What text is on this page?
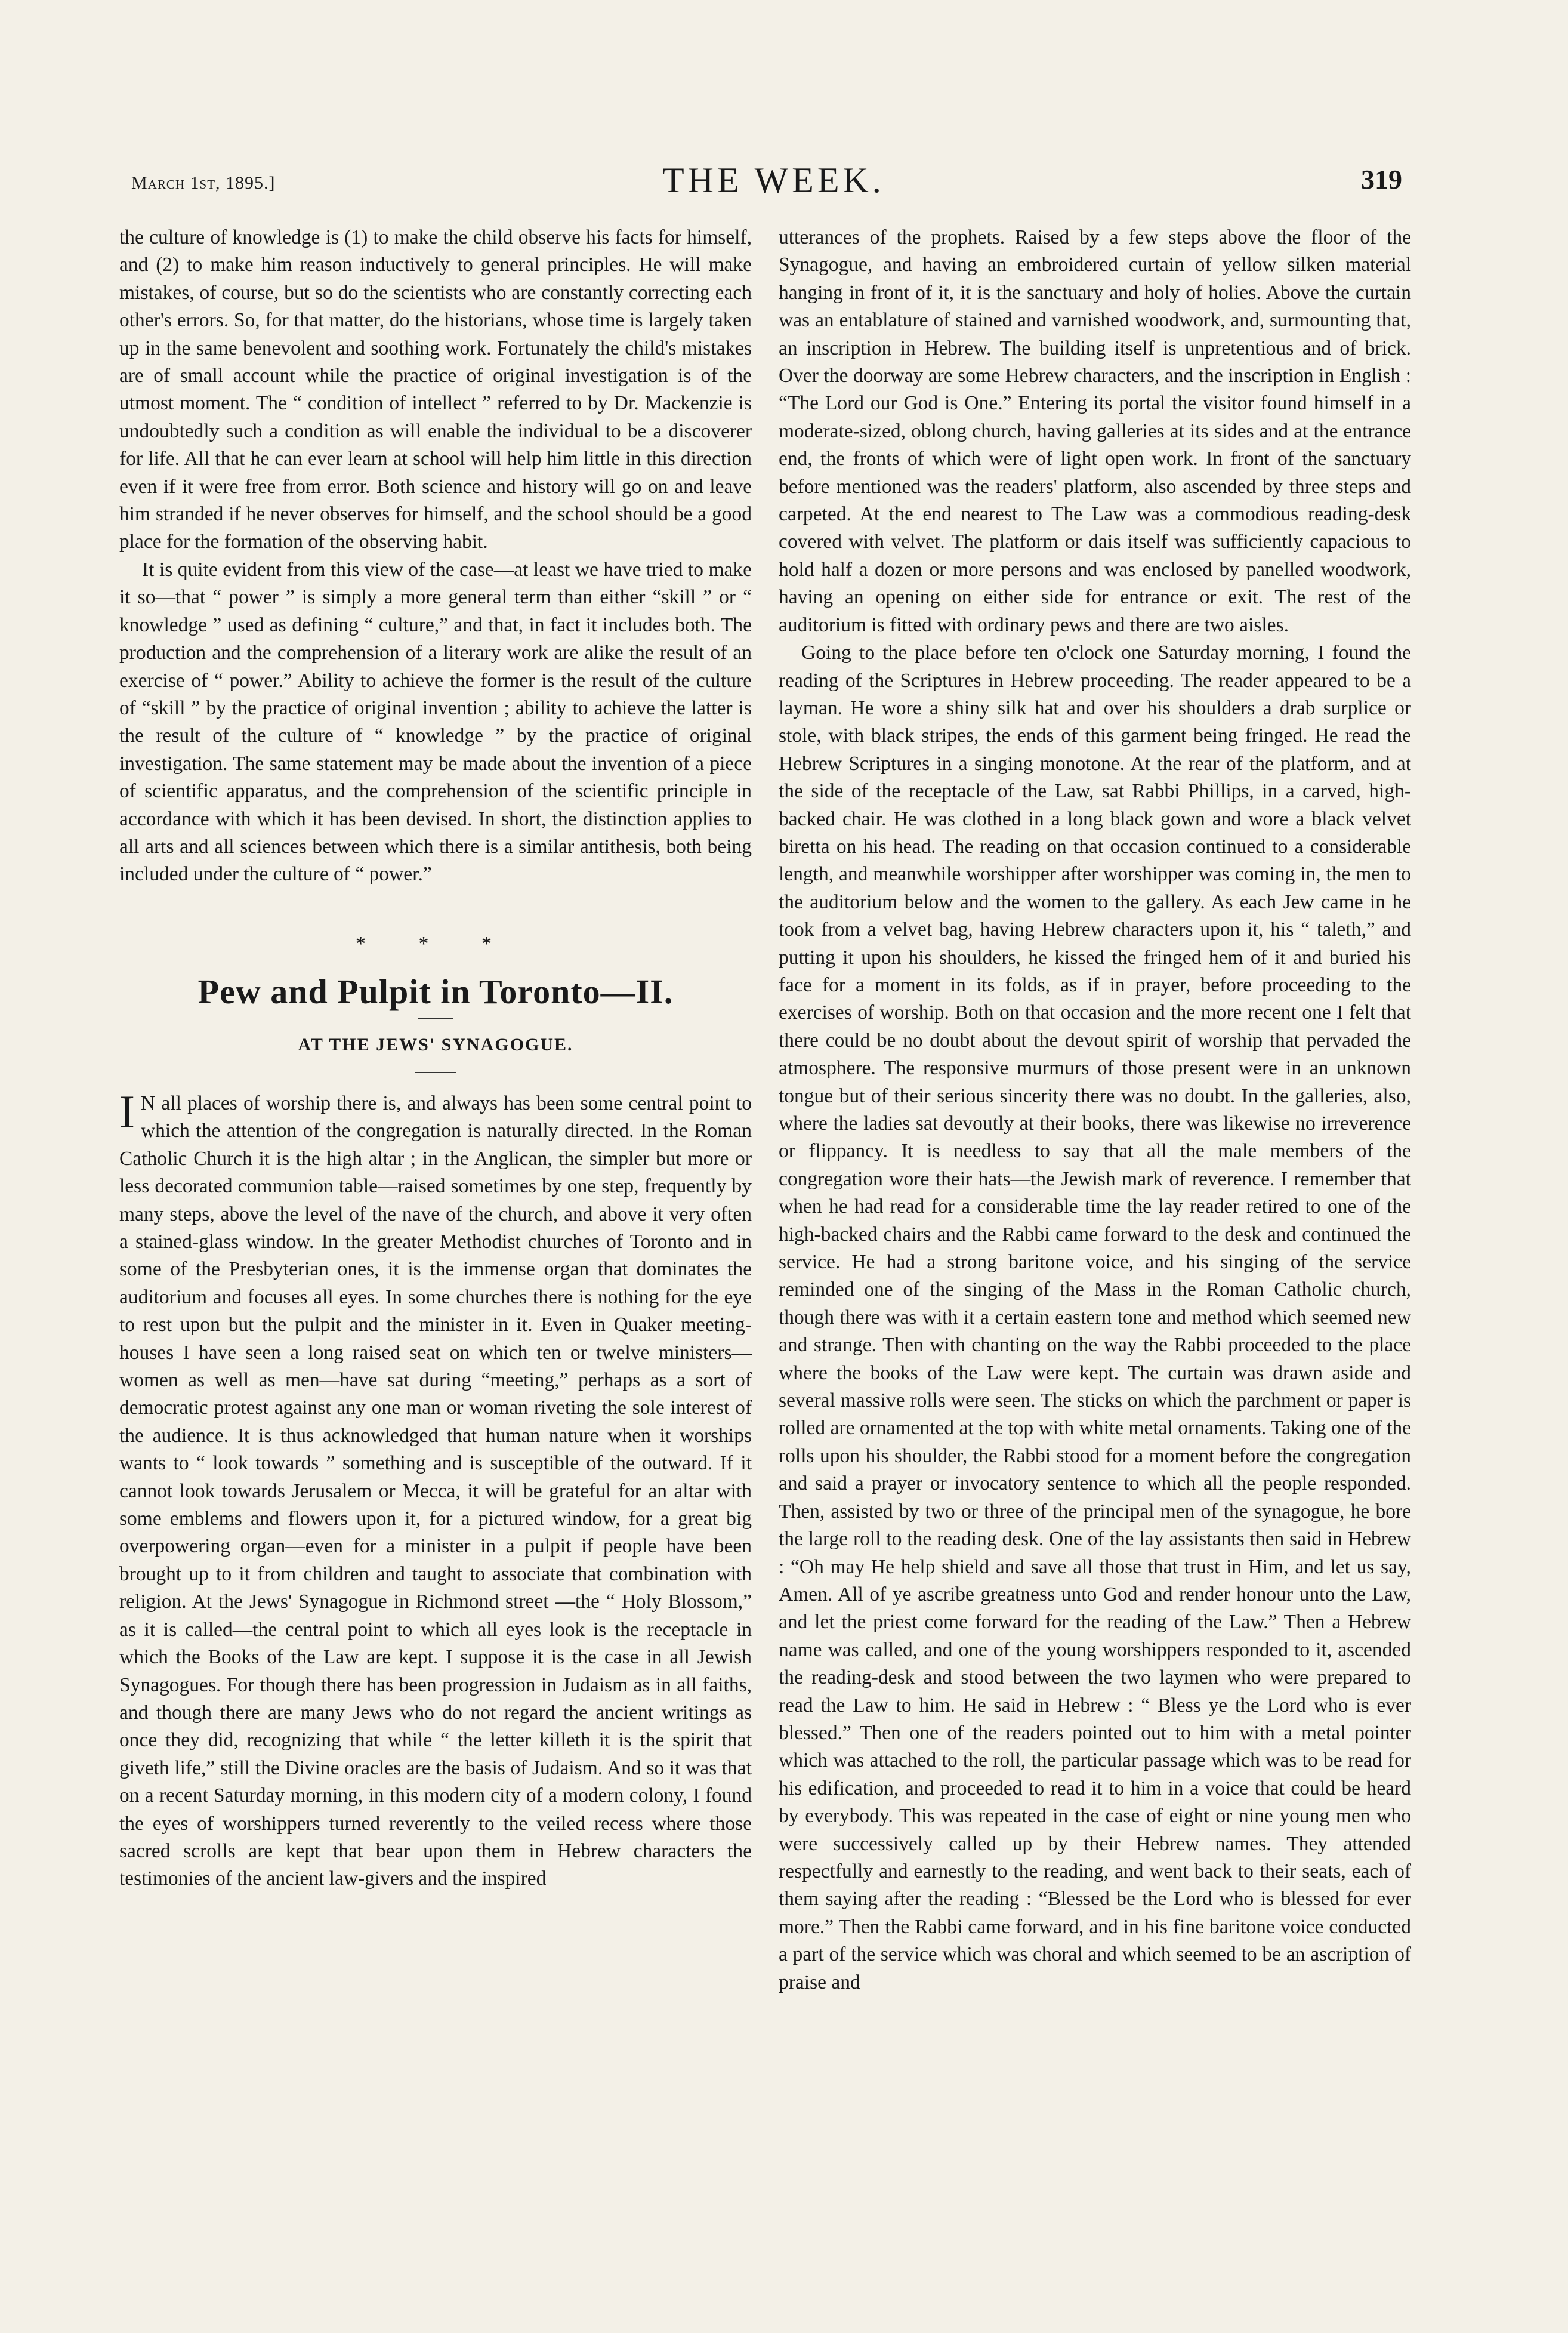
March 1st, 1895.]	THE WEEK.	319

the culture of knowledge is (1) to make the child observe his facts for himself, and (2) to make him reason inductively to general principles. He will make mistakes, of course, but so do the scientists who are constantly correcting each other's errors. So, for that matter, do the historians, whose time is largely taken up in the same benevolent and soothing work. Fortunately the child's mistakes are of small account while the practice of original investigation is of the utmost moment. The “ condition of intellect ” referred to by Dr. Mackenzie is undoubtedly such a condition as will enable the individual to be a discoverer for life. All that he can ever learn at school will help him little in this direction even if it were free from error. Both science and history will go on and leave him stranded if he never observes for himself, and the school should be a good place for the formation of the observing habit.

It is quite evident from this view of the case—at least we have tried to make it so—that “ power ” is simply a more general term than either “skill ” or “ knowledge ” used as defining “ culture,” and that, in fact it includes both. The production and the comprehension of a literary work are alike the result of an exercise of “ power.” Ability to achieve the former is the result of the culture of “skill ” by the practice of original invention ; ability to achieve the latter is the result of the culture of “ knowledge ” by the practice of original investigation. The same statement may be made about the invention of a piece of scientific apparatus, and the comprehension of the scientific principle in accordance with which it has been devised. In short, the distinction applies to all arts and all sciences between which there is a similar antithesis, both being included under the culture of “ power.”

* * *
Pew and Pulpit in Toronto—II.
AT THE JEWS' SYNAGOGUE.

I N all places of worship there is, and always has been some central point to which the attention of the congregation is naturally directed. In the Roman Catholic Church it is the high altar ; in the Anglican, the simpler but more or less decorated communion table—raised sometimes by one step, frequently by many steps, above the level of the nave of the church, and above it very often a stained-glass window. In the greater Methodist churches of Toronto and in some of the Presbyterian ones, it is the immense organ that dominates the auditorium and focuses all eyes. In some churches there is nothing for the eye to rest upon but the pulpit and the minister in it. Even in Quaker meeting-houses I have seen a long raised seat on which ten or twelve ministers—women as well as men—have sat during “meeting,” perhaps as a sort of democratic protest against any one man or woman riveting the sole interest of the audience. It is thus acknowledged that human nature when it worships wants to “ look towards ” something and is susceptible of the outward. If it cannot look towards Jerusalem or Mecca, it will be grateful for an altar with some emblems and flowers upon it, for a pictured window, for a great big overpowering organ—even for a minister in a pulpit if people have been brought up to it from children and taught to associate that combination with religion. At the Jews' Synagogue in Richmond street —the “ Holy Blossom,” as it is called—the central point to which all eyes look is the receptacle in which the Books of the Law are kept. I suppose it is the case in all Jewish Synagogues. For though there has been progression in Judaism as in all faiths, and though there are many Jews who do not regard the ancient writings as once they did, recognizing that while “ the letter killeth it is the spirit that giveth life,” still the Divine oracles are the basis of Judaism. And so it was that on a recent Saturday morning, in this modern city of a modern colony, I found the eyes of worshippers turned reverently to the veiled recess where those sacred scrolls are kept that bear upon them in Hebrew characters the testimonies of the ancient law-givers and the inspired

utterances of the prophets. Raised by a few steps above the floor of the Synagogue, and having an embroidered curtain of yellow silken material hanging in front of it, it is the sanctuary and holy of holies. Above the curtain was an entablature of stained and varnished woodwork, and, surmounting that, an inscription in Hebrew. The building itself is unpretentious and of brick. Over the doorway are some Hebrew characters, and the inscription in English : “The Lord our God is One.” Entering its portal the visitor found himself in a moderate-sized, oblong church, having galleries at its sides and at the entrance end, the fronts of which were of light open work. In front of the sanctuary before mentioned was the readers' platform, also ascended by three steps and carpeted. At the end nearest to The Law was a commodious reading-desk covered with velvet. The platform or dais itself was sufficiently capacious to hold half a dozen or more persons and was enclosed by panelled woodwork, having an opening on either side for entrance or exit. The rest of the auditorium is fitted with ordinary pews and there are two aisles.

Going to the place before ten o'clock one Saturday morning, I found the reading of the Scriptures in Hebrew proceeding. The reader appeared to be a layman. He wore a shiny silk hat and over his shoulders a drab surplice or stole, with black stripes, the ends of this garment being fringed. He read the Hebrew Scriptures in a singing monotone. At the rear of the platform, and at the side of the receptacle of the Law, sat Rabbi Phillips, in a carved, high-backed chair. He was clothed in a long black gown and wore a black velvet biretta on his head. The reading on that occasion continued to a considerable length, and meanwhile worshipper after worshipper was coming in, the men to the auditorium below and the women to the gallery. As each Jew came in he took from a velvet bag, having Hebrew characters upon it, his “ taleth,” and putting it upon his shoulders, he kissed the fringed hem of it and buried his face for a moment in its folds, as if in prayer, before proceeding to the exercises of worship. Both on that occasion and the more recent one I felt that there could be no doubt about the devout spirit of worship that pervaded the atmosphere. The responsive murmurs of those present were in an unknown tongue but of their serious sincerity there was no doubt. In the galleries, also, where the ladies sat devoutly at their books, there was likewise no irreverence or flippancy. It is needless to say that all the male members of the congregation wore their hats—the Jewish mark of reverence. I remember that when he had read for a considerable time the lay reader retired to one of the high-backed chairs and the Rabbi came forward to the desk and continued the service. He had a strong baritone voice, and his singing of the service reminded one of the singing of the Mass in the Roman Catholic church, though there was with it a certain eastern tone and method which seemed new and strange. Then with chanting on the way the Rabbi proceeded to the place where the books of the Law were kept. The curtain was drawn aside and several massive rolls were seen. The sticks on which the parchment or paper is rolled are ornamented at the top with white metal ornaments. Taking one of the rolls upon his shoulder, the Rabbi stood for a moment before the congregation and said a prayer or invocatory sentence to which all the people responded. Then, assisted by two or three of the principal men of the synagogue, he bore the large roll to the reading desk. One of the lay assistants then said in Hebrew : “Oh may He help shield and save all those that trust in Him, and let us say, Amen. All of ye ascribe greatness unto God and render honour unto the Law, and let the priest come forward for the reading of the Law.” Then a Hebrew name was called, and one of the young worshippers responded to it, ascended the reading-desk and stood between the two laymen who were prepared to read the Law to him. He said in Hebrew : “ Bless ye the Lord who is ever blessed.” Then one of the readers pointed out to him with a metal pointer which was attached to the roll, the particular passage which was to be read for his edification, and proceeded to read it to him in a voice that could be heard by everybody. This was repeated in the case of eight or nine young men who were successively called up by their Hebrew names. They attended respectfully and earnestly to the reading, and went back to their seats, each of them saying after the reading : “Blessed be the Lord who is blessed for ever more.” Then the Rabbi came forward, and in his fine baritone voice conducted a part of the service which was choral and which seemed to be an ascription of praise and
